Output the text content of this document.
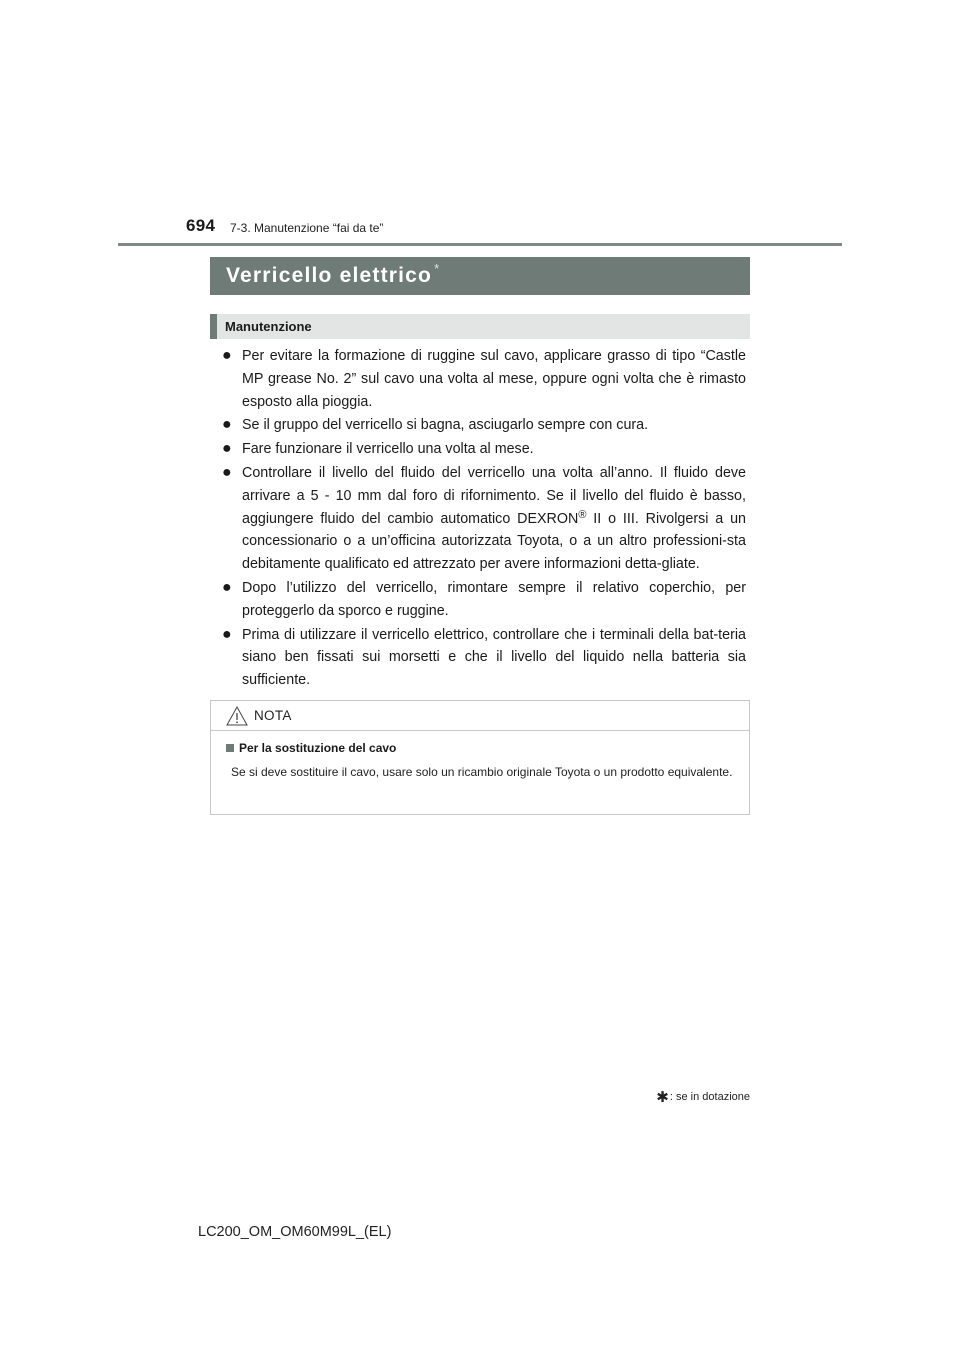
694 7-3. Manutenzione “fai da te”
Verricello elettrico *
Manutenzione
● Per evitare la formazione di ruggine sul cavo, applicare grasso di tipo “Castle MP grease No. 2” sul cavo una volta al mese, oppure ogni volta che è rimasto esposto alla pioggia.
● Se il gruppo del verricello si bagna, asciugarlo sempre con cura.
● Fare funzionare il verricello una volta al mese.
● Controllare il livello del fluido del verricello una volta all’anno. Il fluido deve arrivare a 5 - 10 mm dal foro di rifornimento. Se il livello del fluido è basso, aggiungere fluido del cambio automatico DEXRON® II o III. Rivolgersi a un concessionario o a un’officina autorizzata Toyota, o a un altro professioni-sta debitamente qualificato ed attrezzato per avere informazioni detta-gliate.
● Dopo l’utilizzo del verricello, rimontare sempre il relativo coperchio, per proteggerlo da sporco e ruggine.
● Prima di utilizzare il verricello elettrico, controllare che i terminali della bat-teria siano ben fissati sui morsetti e che il livello del liquido nella batteria sia sufficiente.
NOTA
Per la sostituzione del cavo
Se si deve sostituire il cavo, usare solo un ricambio originale Toyota o un prodotto equivalente.
✱ : se in dotazione
LC200_OM_OM60M99L_(EL)
